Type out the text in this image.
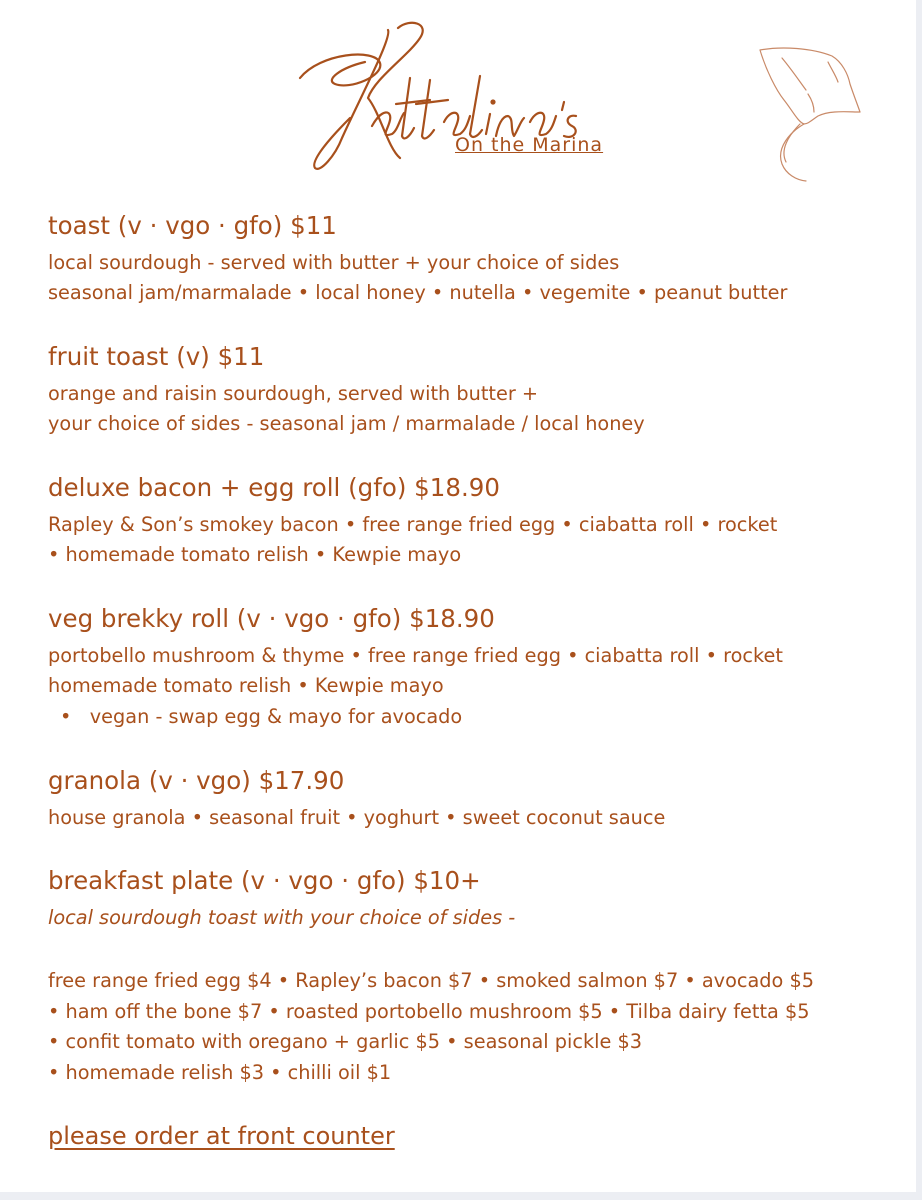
On the Marina
toast (v · vgo · gfo) $11
local sourdough - served with butter + your choice of sides
seasonal jam/marmalade • local honey • nutella • vegemite • peanut butter
fruit toast (v) $11
orange and raisin sourdough, served with butter +
your choice of sides - seasonal jam / marmalade / local honey
deluxe bacon + egg roll (gfo) $18.90
Rapley & Son’s smokey bacon • free range fried egg • ciabatta roll • rocket
• homemade tomato relish • Kewpie mayo
veg brekky roll (v · vgo · gfo) $18.90
portobello mushroom & thyme • free range fried egg • ciabatta roll • rocket
homemade tomato relish • Kewpie mayo
• vegan - swap egg & mayo for avocado
granola (v · vgo) $17.90
house granola • seasonal fruit • yoghurt • sweet coconut sauce
breakfast plate (v · vgo · gfo) $10+
local sourdough toast with your choice of sides -
free range fried egg $4 • Rapley’s bacon $7 • smoked salmon $7 • avocado $5
• ham off the bone $7 • roasted portobello mushroom $5 • Tilba dairy fetta $5
• confit tomato with oregano + garlic $5 • seasonal pickle $3
• homemade relish $3 • chilli oil $1
please order at front counter
